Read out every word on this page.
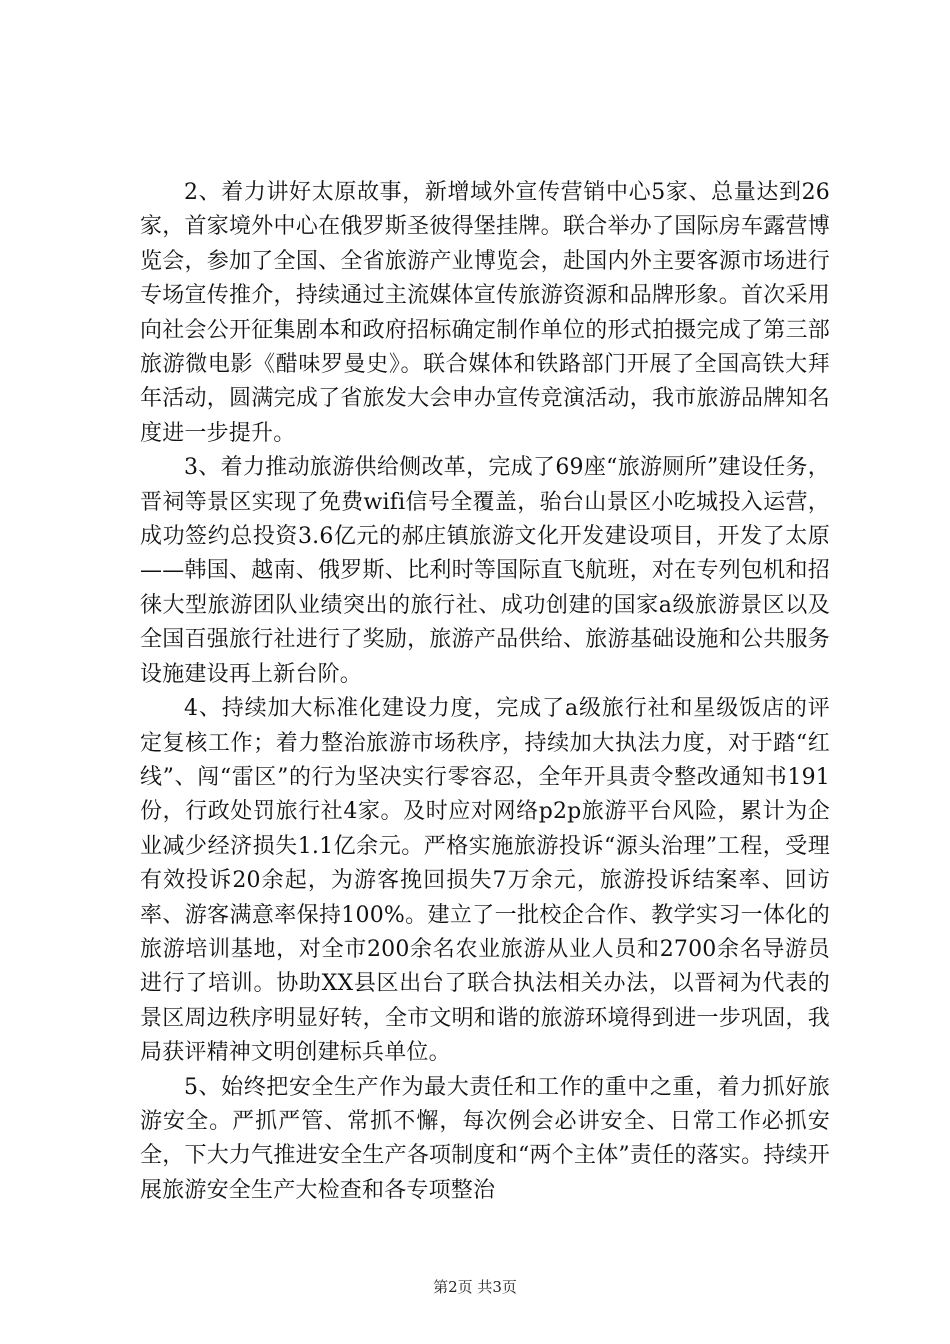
2、着力讲好太原故事，新增域外宣传营销中心5家、总量达到26家，首家境外中心在俄罗斯圣彼得堡挂牌。联合举办了国际房车露营博览会，参加了全国、全省旅游产业博览会，赴国内外主要客源市场进行专场宣传推介，持续通过主流媒体宣传旅游资源和品牌形象。首次采用向社会公开征集剧本和政府招标确定制作单位的形式拍摄完成了第三部旅游微电影《醋味罗曼史》。联合媒体和铁路部门开展了全国高铁大拜年活动，圆满完成了省旅发大会申办宣传竞演活动，我市旅游品牌知名度进一步提升。

3、着力推动旅游供给侧改革，完成了69座“旅游厕所”建设任务，晋祠等景区实现了免费wifi信号全覆盖，骀台山景区小吃城投入运营，成功签约总投资3.6亿元的郝庄镇旅游文化开发建设项目，开发了太原——韩国、越南、俄罗斯、比利时等国际直飞航班，对在专列包机和招徕大型旅游团队业绩突出的旅行社、成功创建的国家a级旅游景区以及全国百强旅行社进行了奖励，旅游产品供给、旅游基础设施和公共服务设施建设再上新台阶。

4、持续加大标准化建设力度，完成了a级旅行社和星级饭店的评定复核工作；着力整治旅游市场秩序，持续加大执法力度，对于踏“红线”、闯“雷区”的行为坚决实行零容忍，全年开具责令整改通知书191份，行政处罚旅行社4家。及时应对网络p2p旅游平台风险，累计为企业减少经济损失1.1亿余元。严格实施旅游投诉“源头治理”工程，受理有效投诉20余起，为游客挽回损失7万余元，旅游投诉结案率、回访率、游客满意率保持100%。建立了一批校企合作、教学实习一体化的旅游培训基地，对全市200余名农业旅游从业人员和2700余名导游员进行了培训。协助XX县区出台了联合执法相关办法，以晋祠为代表的景区周边秩序明显好转，全市文明和谐的旅游环境得到进一步巩固，我局获评精神文明创建标兵单位。

5、始终把安全生产作为最大责任和工作的重中之重，着力抓好旅游安全。严抓严管、常抓不懈，每次例会必讲安全、日常工作必抓安全，下大力气推进安全生产各项制度和“两个主体”责任的落实。持续开展旅游安全生产大检查和各专项整治

第2页 共3页
